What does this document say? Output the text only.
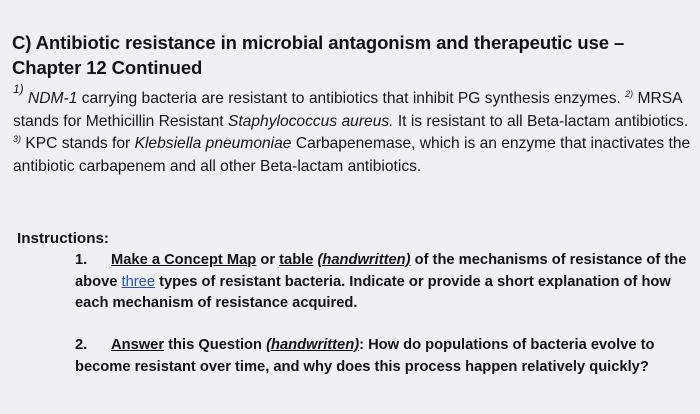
C) Antibiotic resistance in microbial antagonism and therapeutic use –
Chapter 12 Continued
$^{1)}$ NDM-1 carrying bacteria are resistant to antibiotics that inhibit PG synthesis enzymes. $^{2)}$ MRSA stands for Methicillin Resistant Staphylococcus aureus. It is resistant to all Beta-lactam antibiotics. $^{3)}$ KPC stands for Klebsiella pneumoniae Carbapenemase, which is an enzyme that inactivates the antibiotic carbapenem and all other Beta-lactam antibiotics.
Instructions:
1. Make a Concept Map or table (handwritten) of the mechanisms of resistance of the above three types of resistant bacteria. Indicate or provide a short explanation of how each mechanism of resistance acquired.
2. Answer this Question (handwritten): How do populations of bacteria evolve to become resistant over time, and why does this process happen relatively quickly?
